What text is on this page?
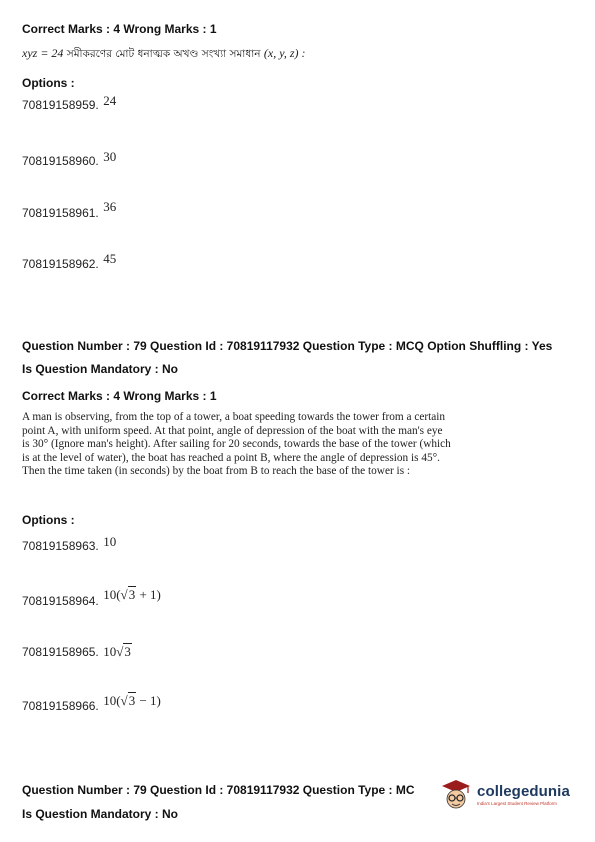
Correct Marks : 4 Wrong Marks : 1
xyz = 24 সমীকরণের মোট ধনাত্মক অখণ্ড সংখ্যা সমাধান (x, y, z) :
Options :
70819158959. $^{24}$
70819158960. $^{30}$
70819158961. $^{36}$
70819158962. $^{45}$
Question Number : 79 Question Id : 70819117932 Question Type : MCQ Option Shuffling : Yes
Is Question Mandatory : No
Correct Marks : 4 Wrong Marks : 1
A man is observing, from the top of a tower, a boat speeding towards the tower from a certain point A, with uniform speed. At that point, angle of depression of the boat with the man's eye is 30° (Ignore man's height). After sailing for 20 seconds, towards the base of the tower (which is at the level of water), the boat has reached a point B, where the angle of depression is 45°. Then the time taken (in seconds) by the boat from B to reach the base of the tower is :
Options :
70819158963. $^{10}$
70819158964. $^{10(√3 + 1)}$
70819158965. 10√3
70819158966. $^{10(√3 - 1)}$
Question Number : 79 Question Id : 70819117932 Question Type : MC
Is Question Mandatory : No
collegedunia
India's Largest Student Review Platform
